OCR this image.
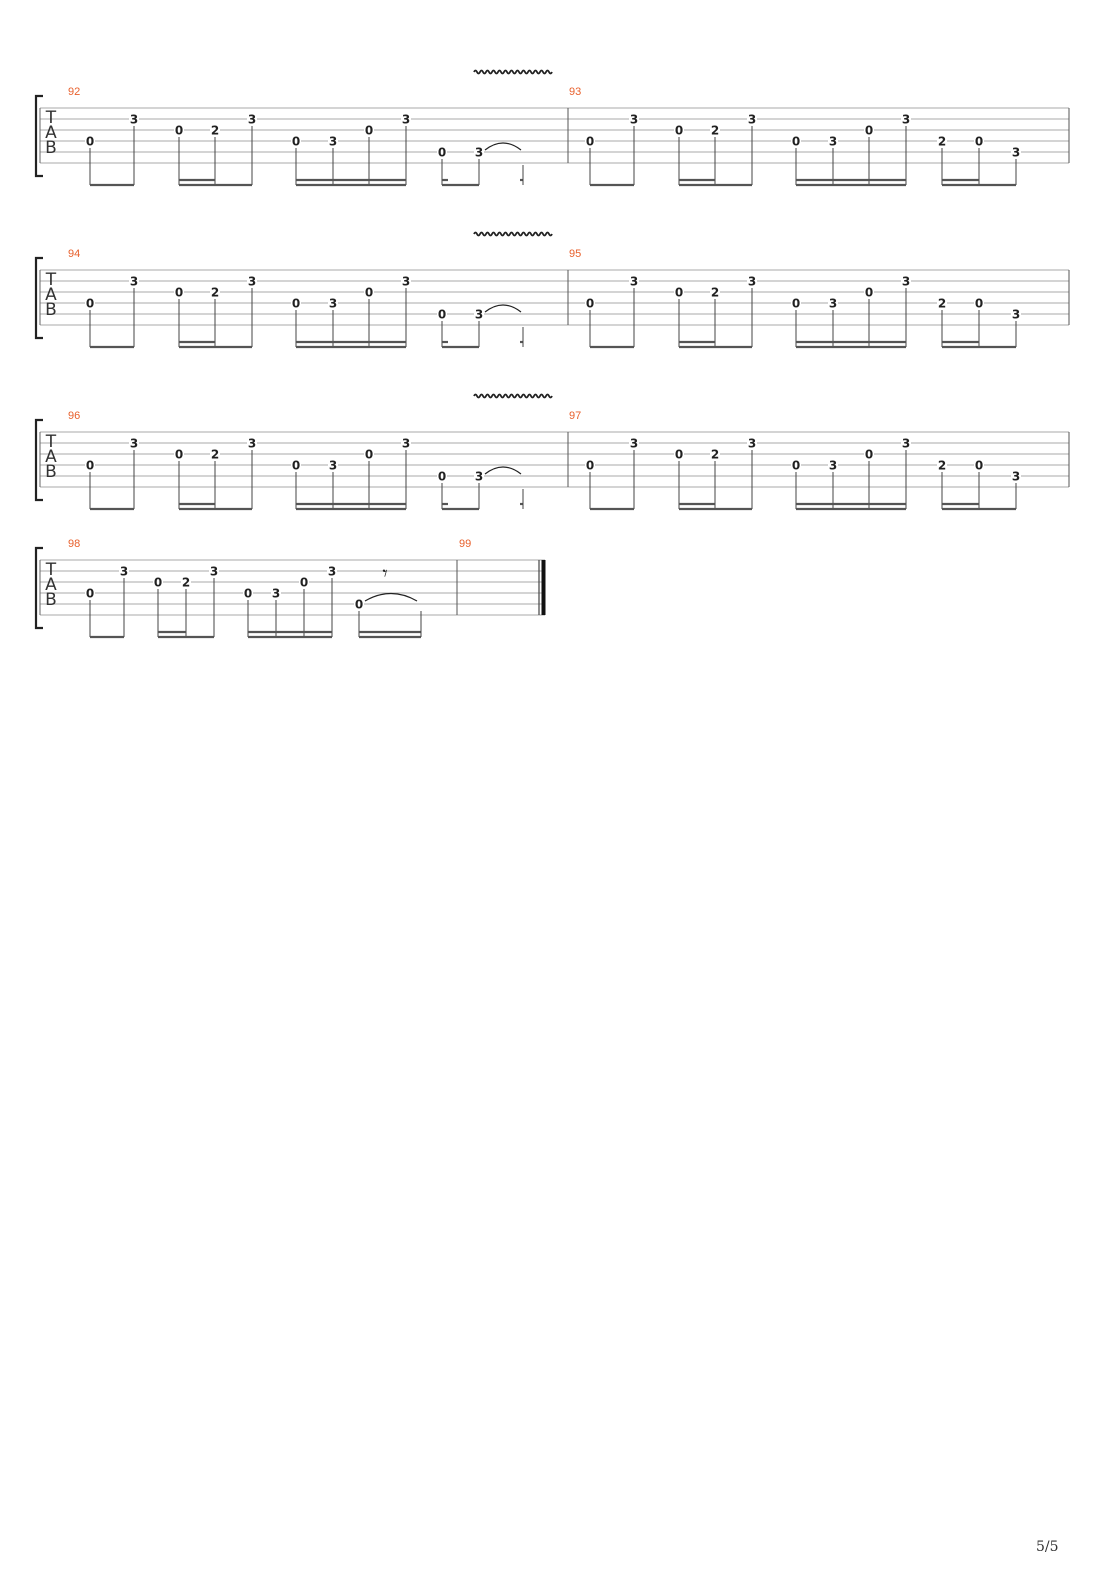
T
A
B
92
0
3
0 2
3
0 3
0
3
0 3
93
0
3
0 2
3
0 3
0
3
2 0
3
T
A
B
94
0
3
0 2
3
0 3
0
3
0 3
95
0
3
0 2
3
0 3
0
3
2 0
3
T
A
B
96
0
3
0 2
3
0 3
0
3
0 3
97
0
3
0 2
3
0 3
0
3
2 0
3
T
A
B
98
0
3
0 2
3
0 3
0
3
0
𝄾
99
5/5
